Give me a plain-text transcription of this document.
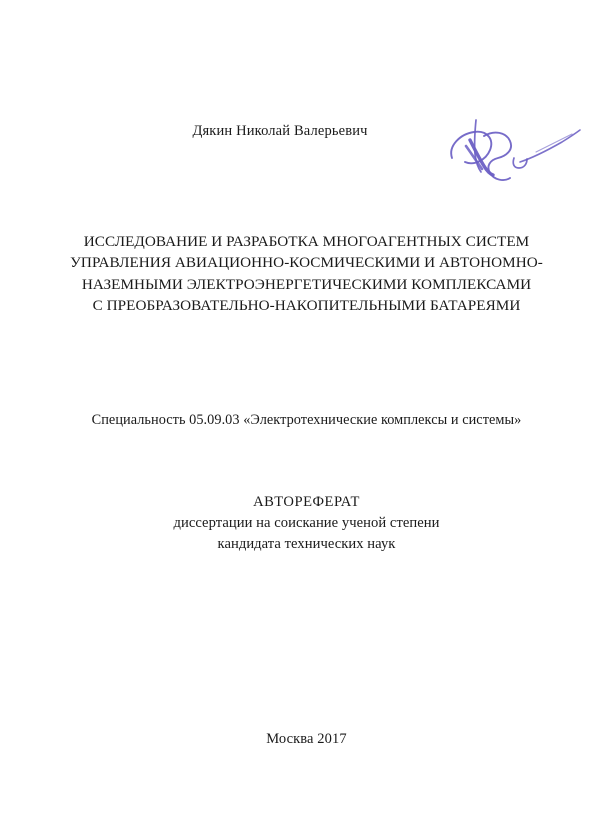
Дякин Николай Валерьевич
ИССЛЕДОВАНИЕ И РАЗРАБОТКА МНОГОАГЕНТНЫХ СИСТЕМ
УПРАВЛЕНИЯ АВИАЦИОННО-КОСМИЧЕСКИМИ И АВТОНОМНО-
НАЗЕМНЫМИ ЭЛЕКТРОЭНЕРГЕТИЧЕСКИМИ КОМПЛЕКСАМИ
С ПРЕОБРАЗОВАТЕЛЬНО-НАКОПИТЕЛЬНЫМИ БАТАРЕЯМИ
Специальность 05.09.03 «Электротехнические комплексы и системы»
АВТОРЕФЕРАТ
диссертации на соискание ученой степени
кандидата технических наук
Москва 2017
